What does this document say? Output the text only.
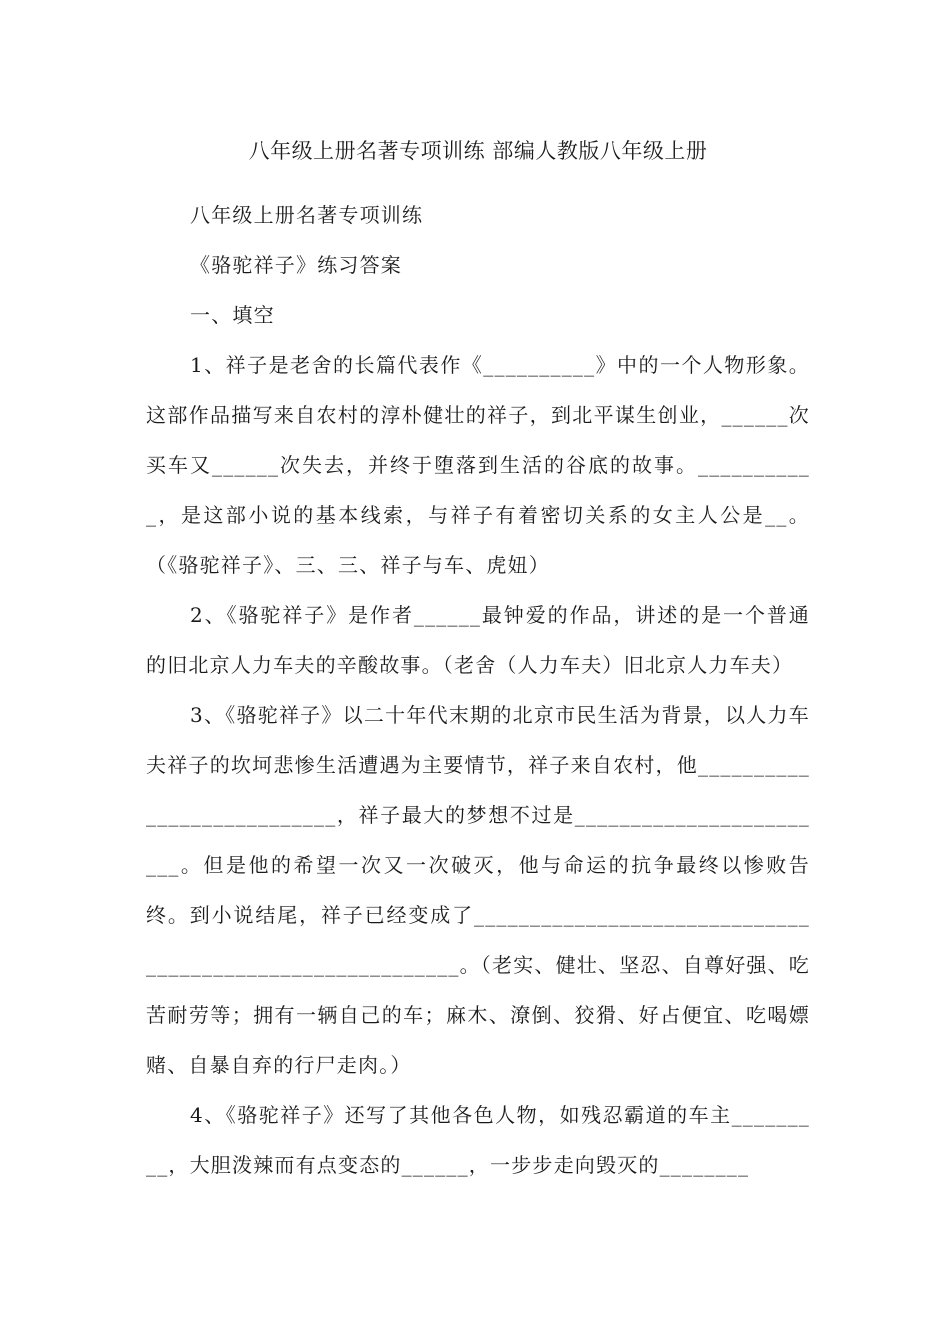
八年级上册名著专项训练 部编人教版八年级上册

八年级上册名著专项训练

《骆驼祥子》练习答案

一、填空

1、祥子是老舍的长篇代表作《__________》中的一个人物形象。这部作品描写来自农村的淳朴健壮的祥子，到北平谋生创业，______次买车又______次失去，并终于堕落到生活的谷底的故事。___________，是这部小说的基本线索，与祥子有着密切关系的女主人公是__。（《骆驼祥子》、三、三、祥子与车、虎妞）

2、《骆驼祥子》是作者______最钟爱的作品，讲述的是一个普通的旧北京人力车夫的辛酸故事。（老舍（人力车夫）旧北京人力车夫）

3、《骆驼祥子》以二十年代末期的北京市民生活为背景，以人力车夫祥子的坎坷悲惨生活遭遇为主要情节，祥子来自农村，他___________________________，祥子最大的梦想不过是________________________。但是他的希望一次又一次破灭，他与命运的抗争最终以惨败告终。到小说结尾，祥子已经变成了__________________________________________________________。（老实、健壮、坚忍、自尊好强、吃苦耐劳等；拥有一辆自己的车；麻木、潦倒、狡猾、好占便宜、吃喝嫖赌、自暴自弃的行尸走肉。）

4、《骆驼祥子》还写了其他各色人物，如残忍霸道的车主_________，大胆泼辣而有点变态的______，一步步走向毁灭的________
